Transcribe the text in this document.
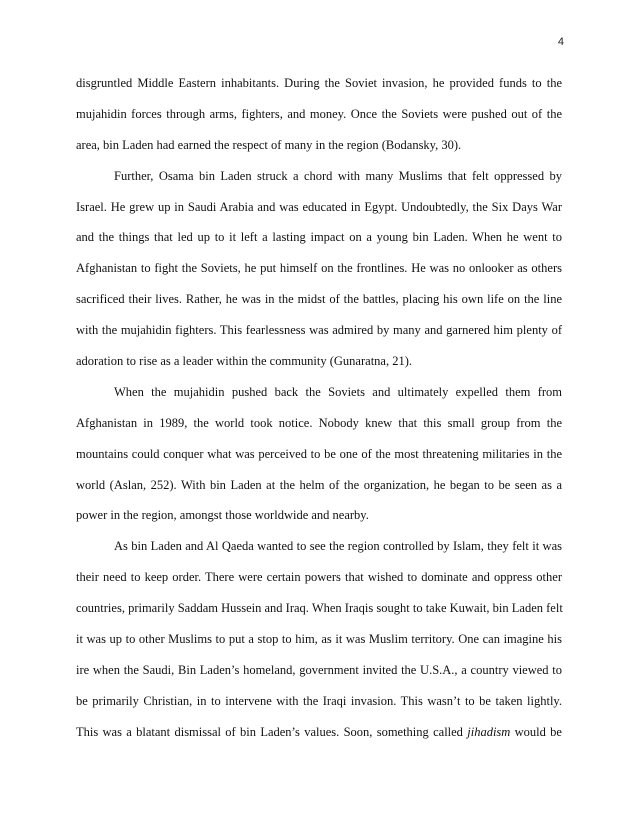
4
disgruntled Middle Eastern inhabitants. During the Soviet invasion, he provided funds to the
mujahidin forces through arms, fighters, and money. Once the Soviets were pushed out of the
area, bin Laden had earned the respect of many in the region (Bodansky, 30).
Further, Osama bin Laden struck a chord with many Muslims that felt oppressed by
Israel. He grew up in Saudi Arabia and was educated in Egypt. Undoubtedly, the Six Days War
and the things that led up to it left a lasting impact on a young bin Laden. When he went to
Afghanistan to fight the Soviets, he put himself on the frontlines. He was no onlooker as others
sacrificed their lives. Rather, he was in the midst of the battles, placing his own life on the line
with the mujahidin fighters. This fearlessness was admired by many and garnered him plenty of
adoration to rise as a leader within the community (Gunaratna, 21).
When the mujahidin pushed back the Soviets and ultimately expelled them from
Afghanistan in 1989, the world took notice. Nobody knew that this small group from the
mountains could conquer what was perceived to be one of the most threatening militaries in the
world (Aslan, 252). With bin Laden at the helm of the organization, he began to be seen as a
power in the region, amongst those worldwide and nearby.
As bin Laden and Al Qaeda wanted to see the region controlled by Islam, they felt it was
their need to keep order. There were certain powers that wished to dominate and oppress other
countries, primarily Saddam Hussein and Iraq. When Iraqis sought to take Kuwait, bin Laden felt
it was up to other Muslims to put a stop to him, as it was Muslim territory. One can imagine his
ire when the Saudi, Bin Laden’s homeland, government invited the U.S.A., a country viewed to
be primarily Christian, in to intervene with the Iraqi invasion. This wasn’t to be taken lightly.
This was a blatant dismissal of bin Laden’s values. Soon, something called jihadism would be
